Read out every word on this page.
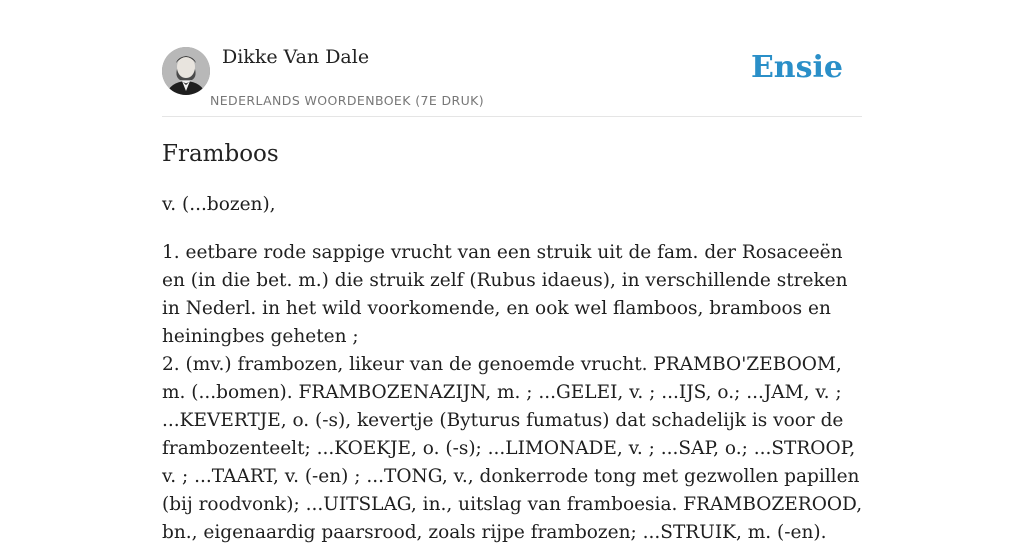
Dikke Van Dale
NEDERLANDS WOORDENBOEK (7E DRUK)
Ensie
Framboos
v. (...bozen),

1. eetbare rode sappige vrucht van een struik uit de fam. der Rosaceeën en (in die bet. m.) die struik zelf (Rubus idaeus), in verschillende streken in Nederl. in het wild voorkomende, en ook wel flamboos, bramboos en heiningbes geheten ;

2. (mv.) frambozen, likeur van de genoemde vrucht. PRAMBO'ZEBOOM, m. (...bomen). FRAMBOZENAZIJN, m. ; ...GELEI, v. ; ...IJS, o.; ...JAM, v. ; ...KEVERTJE, o. (-s), kevertje (Byturus fumatus) dat schadelijk is voor de frambozenteelt; ...KOEKJE, o. (-s); ...LIMONADE, v. ; ...SAP, o.; ...STROOP, v. ; ...TAART, v. (-en) ; ...TONG, v., donkerrode tong met gezwollen papillen (bij roodvonk); ...UITSLAG, in., uitslag van framboesia. FRAMBOZEROOD, bn., eigenaardig paarsrood, zoals rijpe frambozen; ...STRUIK, m. (-en).
